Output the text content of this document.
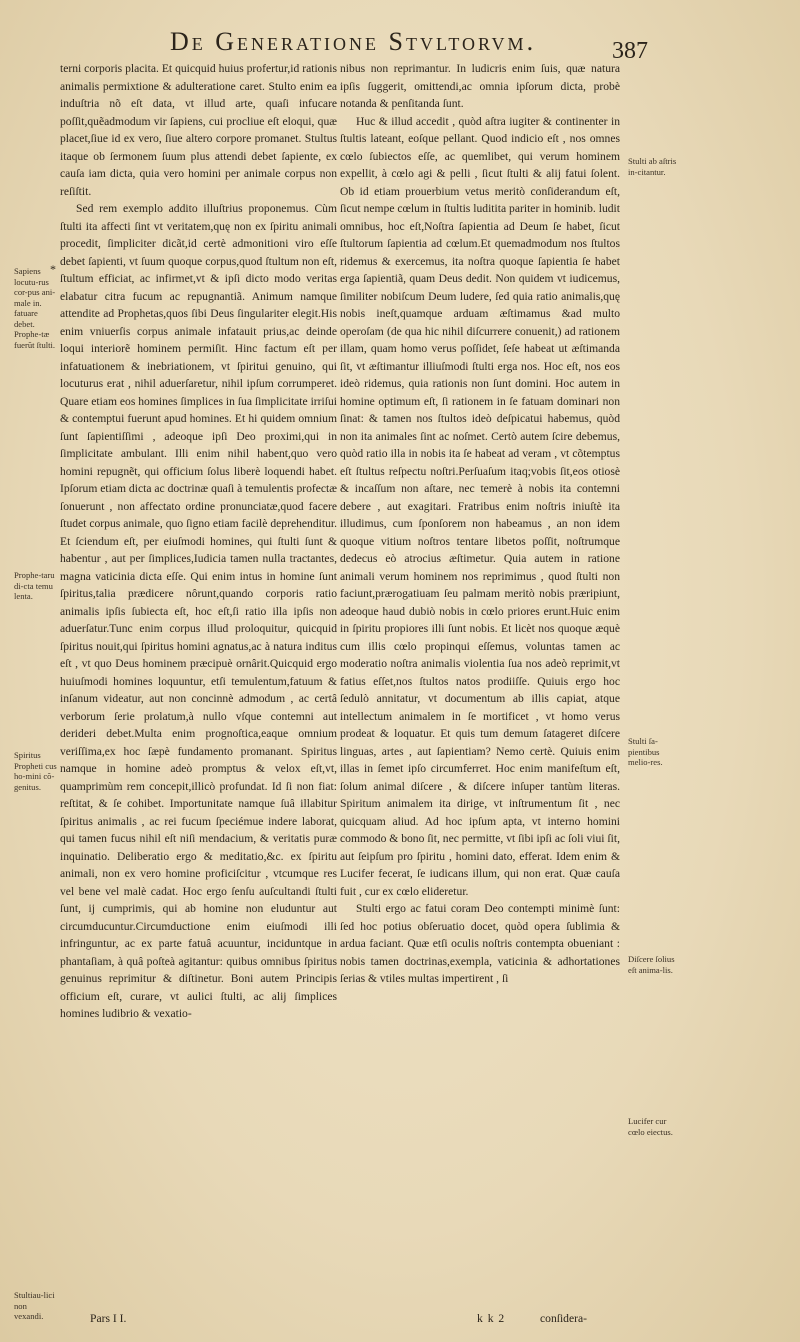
De Generatione Stvltorvm.	387
*

terni corporis placita. Et quicquid huius profertur,id rationis animalis permixtione & adulteratione caret. Stulto enim ea induſtria nõ eſt data, vt illud arte, quaſi infucare poſſit,quẽadmodum vir ſapiens, cui procliue eſt eloqui, quæ placet,ſiue id ex vero, ſiue altero corpore promanet. Stultus itaque ob ſermonem ſuum plus attendi debet ſapiente, ex cauſa iam dicta, quia vero homini per animale corpus non reſiſtit.

Sed rem exemplo addito illuſtrius proponemus. Cùm ſtulti ita affecti ſint vt veritatem,quę non ex ſpiritu animali procedit, ſimpliciter dicãt,id certè admonitioni viro eſſe debet ſapienti, vt ſuum quoque corpus,quod ſtultum non eſt, ſtultum efficiat, ac infirmet,vt & ipſi dicto modo veritas elabatur citra fucum ac repugnantiã. Animum namque attendite ad Prophetas,quos ſibi Deus ſingulariter elegit.His enim vniuerſis corpus animale infatauit prius,ac deinde loqui interiorẽ hominem permiſit. Hinc factum eſt per infatuationem & inebriationem, vt ſpiritui genuino, qui locuturus erat , nihil aduerſaretur, nihil ipſum corrumperet. Quare etiam eos homines ſimplices in ſua ſimplicitate irriſui & contemptui fuerunt apud homines. Et hi quidem omnium ſunt ſapientiſſimi , adeoque ipſi Deo proximi,qui in ſimplicitate ambulant. Illi enim nihil habent,quo vero homini repugnẽt, qui officium ſolus liberè loquendi habet. Ipſorum etiam dicta ac doctrinæ quaſi à temulentis profectæ ſonuerunt , non affectato ordine pronunciatæ,quod facere ſtudet corpus animale, quo ſigno etiam facilè deprehenditur. Et ſciendum eſt, per eiuſmodi homines, qui ſtulti ſunt & habentur , aut per ſimplices,Iudicia tamen nulla tractantes, magna vaticinia dicta eſſe. Qui enim intus in homine ſunt ſpiritus,talia prædicere nôrunt,quando corporis ratio animalis ipſis ſubiecta eſt, hoc eſt,ſi ratio illa ipſis non aduerſatur.Tunc enim corpus illud proloquitur, quicquid ſpiritus nouit,qui ſpiritus homini agnatus,ac à natura inditus eſt , vt quo Deus hominem præcipuè ornârit.Quicquid ergo huiuſmodi homines loquuntur, etſi temulentum,fatuum & inſanum videatur, aut non concinnè admodum , ac certâ verborum ſerie prolatum,à nullo vſque contemni aut derideri debet.Multa enim prognoſtica,eaque omnium veriſſima,ex hoc ſæpè fundamento promanant. Spiritus namque in homine adeò promptus & velox eſt,vt, quamprimùm rem concepit,illicò profundat. Id ſi non fiat: reſtitat, & ſe cohibet. Importunitate namque ſuâ illabitur ſpiritus animalis , ac rei fucum ſpeciémue indere laborat, qui tamen fucus nihil eſt niſi mendacium, & veritatis puræ inquinatio. Deliberatio ergo & meditatio,&c. ex ſpiritu animali, non ex vero homine proficiſcitur , vtcumque res vel bene vel malè cadat. Hoc ergo ſenſu auſcultandi ſtulti ſunt, ij cumprimis, qui ab homine non eluduntur aut circumducuntur.Circumductione enim eiuſmodi illi infringuntur, ac ex parte fatuâ acuuntur, inciduntque in phantaſiam, à quâ poſteà agitantur: quibus omnibus ſpiritus genuinus reprimitur & diſtinetur. Boni autem Principis officium eſt, curare, vt aulici ſtulti, ac alij ſimplices homines ludibrio & vexatio-

nibus non reprimantur. In ludicris enim ſuis, quæ natura ipſis ſuggerit, omittendi,ac omnia ipſorum dicta, probè notanda & penſitanda ſunt.

Huc & illud accedit , quòd aſtra iugiter & continenter in ſtultis lateant, eoſque pellant. Quod indicio eſt , nos omnes cœlo ſubiectos eſſe, ac quemlibet, qui verum hominem expellit, à cœlo agi & pelli , ſicut ſtulti & alij fatui ſolent. Ob id etiam prouerbium vetus meritò conſiderandum eſt, ſicut nempe cœlum in ſtultis luditita pariter in hominib. ludit omnibus, hoc eſt,Noſtra ſapientia ad Deum ſe habet, ſicut ſtultorum ſapientia ad cœlum.Et quemadmodum nos ſtultos ridemus & exercemus, ita noſtra quoque ſapientia ſe habet erga ſapientiã, quam Deus dedit. Non quidem vt iudicemus, ſimiliter nobiſcum Deum ludere, ſed quia ratio animalis,quę nobis ineſt,quamque arduam æſtimamus &ad multo operoſam (de qua hic nihil diſcurrere conuenit,) ad rationem illam, quam homo verus poſſidet, ſeſe habeat ut æſtimanda ſit, vt æſtimantur illiuſmodi ſtulti erga nos. Hoc eſt, nos eos ideò ridemus, quia rationis non ſunt domini. Hoc autem in homine optimum eſt, ſi rationem in ſe fatuam dominari non ſinat: & tamen nos ſtultos ideò deſpicatui habemus, quòd non ita animales ſint ac noſmet. Certò autem ſcire debemus, quòd ratio illa in nobis ita ſe habeat ad veram , vt cõtemptus eſt ſtultus reſpectu noſtri.Perſuaſum itaq;vobis ſit,eos otiosè & incaſſum non aſtare, nec temerè à nobis ita contemni debere , aut exagitari. Fratribus enim noſtris iniuſtè ita illudimus, cum ſponſorem non habeamus , an non idem quoque vitium noſtros tentare libetos poſſit, noſtrumque dedecus eò atrocius æſtimetur. Quia autem in ratione animali verum hominem nos reprimimus , quod ſtulti non faciunt,prærogatiuam ſeu palmam meritò nobis præripiunt, adeoque haud dubiò nobis in cœlo priores erunt.Huic enim in ſpiritu propiores illi ſunt nobis. Et licèt nos quoque æquè cum illis cœlo propinqui eſſemus, voluntas tamen ac moderatio noſtra animalis violentia ſua nos adeò reprimit,vt fatius eſſet,nos ſtultos natos prodiiſſe. Quiuis ergo hoc ſedulò annitatur, vt documentum ab illis capiat, atque intellectum animalem in ſe mortificet , vt homo verus prodeat & loquatur. Et quis tum demum ſatageret diſcere linguas, artes , aut ſapientiam? Nemo certè. Quiuis enim illas in ſemet ipſo circumferret. Hoc enim manifeſtum eſt, ſolum animal diſcere , & diſcere inſuper tantùm literas. Spiritum animalem ita dirige, vt inſtrumentum ſit , nec quicquam aliud. Ad hoc ipſum apta, vt interno homini commodo & bono ſit, nec permitte, vt ſibi ipſi ac ſoli viui ſit, aut ſeipſum pro ſpiritu , homini dato, efferat. Idem enim & Lucifer fecerat, ſe iudicans illum, qui non erat. Quæ cauſa fuit , cur ex cœlo elideretur.

Stulti ergo ac fatui coram Deo contempti minimè ſunt: ſed hoc potius obſeruatio docet, quòd opera ſublimia & ardua faciant. Quæ etſi oculis noſtris contempta obueniant : nobis tamen doctrinas,exempla, vaticinia & adhortationes ſerias & vtiles multas impertirent , ſi

Sapiens locutu-rus cor-pus ani-male in. fatuare debet. Prophe-tæ fuerũt ſtulti.
Prophe-taru di-cta temu lenta.
Spiritus Propheti cus ho-mini cõ-genitus.
Stultiau-lici non vexandi.
Stulti ab aſtris in-citantur.
Stulti ſa-pientibus melio-res.
Diſcere ſolius eſt anima-lis.
Lucifer cur cœlo eiectus.
Pars I I.	k k 2	conſidera-
